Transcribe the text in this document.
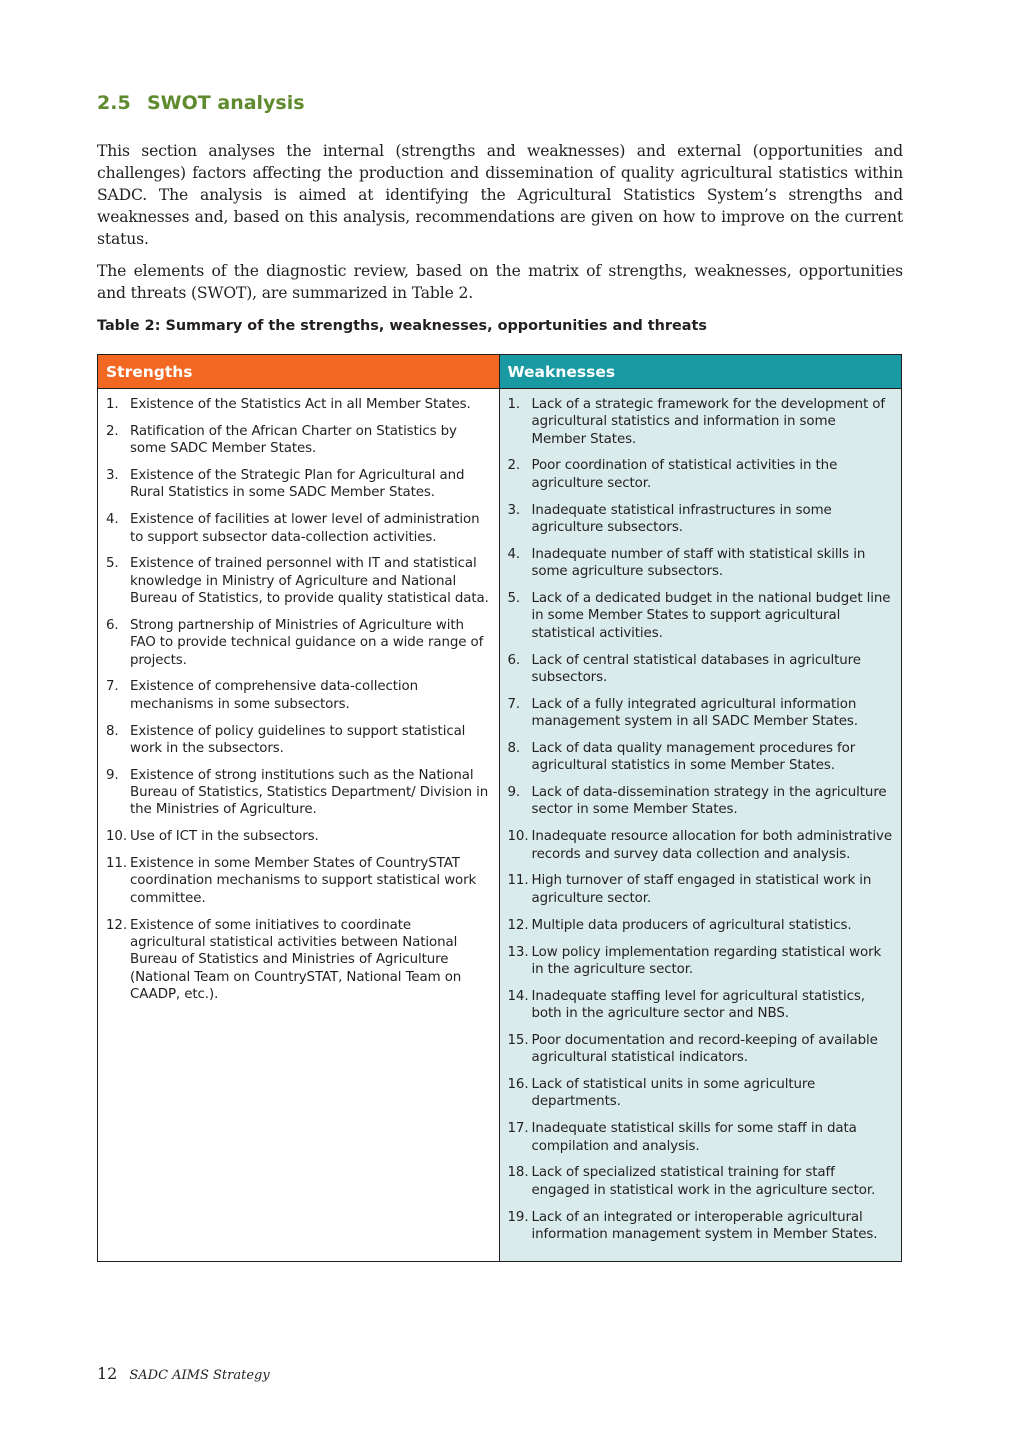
2.5 SWOT analysis

This section analyses the internal (strengths and weaknesses) and external (opportunities and challenges) factors affecting the production and dissemination of quality agricultural statistics within SADC. The analysis is aimed at identifying the Agricultural Statistics System’s strengths and weaknesses and, based on this analysis, recommendations are given on how to improve on the current status.

The elements of the diagnostic review, based on the matrix of strengths, weaknesses, opportunities and threats (SWOT), are summarized in Table 2.

Table 2: Summary of the strengths, weaknesses, opportunities and threats
Strengths
1. Existence of the Statistics Act in all Member States.
2. Ratification of the African Charter on Statistics by some SADC Member States.
3. Existence of the Strategic Plan for Agricultural and Rural Statistics in some SADC Member States.
4. Existence of facilities at lower level of administration to support subsector data-collection activities.
5. Existence of trained personnel with IT and statistical knowledge in Ministry of Agriculture and National Bureau of Statistics, to provide quality statistical data.
6. Strong partnership of Ministries of Agriculture with FAO to provide technical guidance on a wide range of projects.
7. Existence of comprehensive data-collection mechanisms in some subsectors.
8. Existence of policy guidelines to support statistical work in the subsectors.
9. Existence of strong institutions such as the National Bureau of Statistics, Statistics Department/ Division in the Ministries of Agriculture.
10. Use of ICT in the subsectors.
11. Existence in some Member States of CountrySTAT coordination mechanisms to support statistical work committee.
12. Existence of some initiatives to coordinate agricultural statistical activities between National Bureau of Statistics and Ministries of Agriculture (National Team on CountrySTAT, National Team on CAADP, etc.).
Weaknesses
1. Lack of a strategic framework for the development of agricultural statistics and information in some Member States.
2. Poor coordination of statistical activities in the agriculture sector.
3. Inadequate statistical infrastructures in some agriculture subsectors.
4. Inadequate number of staff with statistical skills in some agriculture subsectors.
5. Lack of a dedicated budget in the national budget line in some Member States to support agricultural statistical activities.
6. Lack of central statistical databases in agriculture subsectors.
7. Lack of a fully integrated agricultural information management system in all SADC Member States.
8. Lack of data quality management procedures for agricultural statistics in some Member States.
9. Lack of data-dissemination strategy in the agriculture sector in some Member States.
10. Inadequate resource allocation for both administrative records and survey data collection and analysis.
11. High turnover of staff engaged in statistical work in agriculture sector.
12. Multiple data producers of agricultural statistics.
13. Low policy implementation regarding statistical work in the agriculture sector.
14. Inadequate staffing level for agricultural statistics, both in the agriculture sector and NBS.
15. Poor documentation and record-keeping of available agricultural statistical indicators.
16. Lack of statistical units in some agriculture departments.
17. Inadequate statistical skills for some staff in data compilation and analysis.
18. Lack of specialized statistical training for staff engaged in statistical work in the agriculture sector.
19. Lack of an integrated or interoperable agricultural information management system in Member States.
12 SADC AIMS Strategy
